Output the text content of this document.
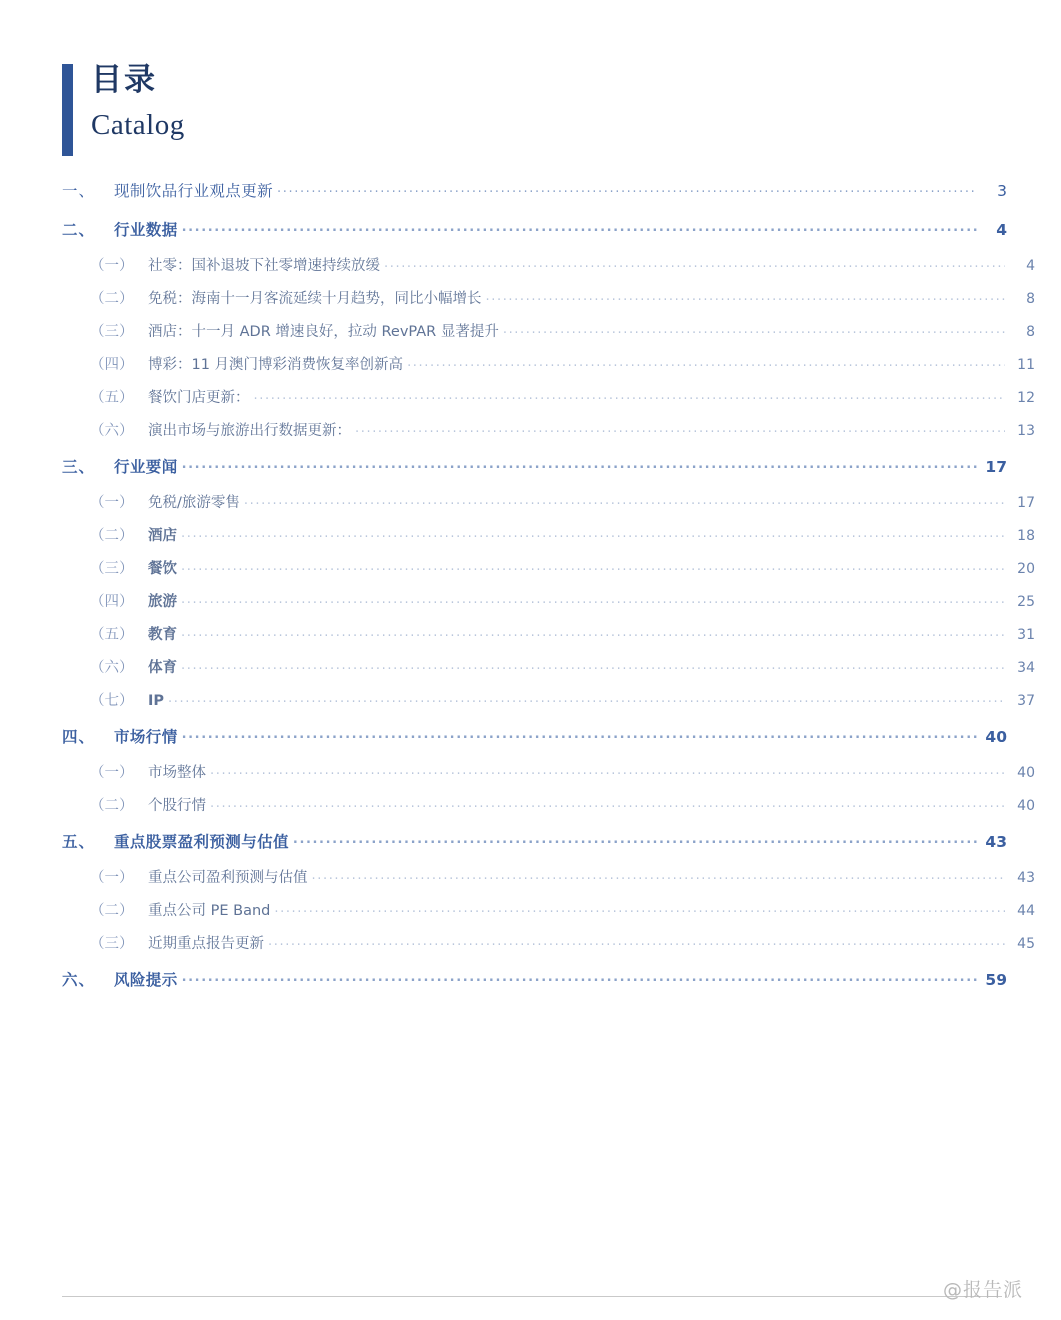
目录
Catalog
一、	现制饮品行业观点更新 .....	3
二、	行业数据 .....	4
（一）	社零：国补退坡下社零增速持续放缓 .....	4
（二）	免税：海南十一月客流延续十月趋势，同比小幅增长 .....	8
（三）	酒店：十一月 ADR 增速良好，拉动 RevPAR 显著提升 .....	8
（四）	博彩：11 月澳门博彩消费恢复率创新高 .....	11
（五）	餐饮门店更新： .....	12
（六）	演出市场与旅游出行数据更新： .....	13
三、	行业要闻 .....	17
（一）	免税/旅游零售 .....	17
（二）	酒店 .....	18
（三）	餐饮 .....	20
（四）	旅游 .....	25
（五）	教育 .....	31
（六）	体育 .....	34
（七）	IP .....	37
四、	市场行情 .....	40
（一）	市场整体 .....	40
（二）	个股行情 .....	40
五、	重点股票盈利预测与估值 .....	43
（一）	重点公司盈利预测与估值 .....	43
（二）	重点公司 PE Band .....	44
（三）	近期重点报告更新 .....	45
六、	风险提示 .....	59
@报告派
